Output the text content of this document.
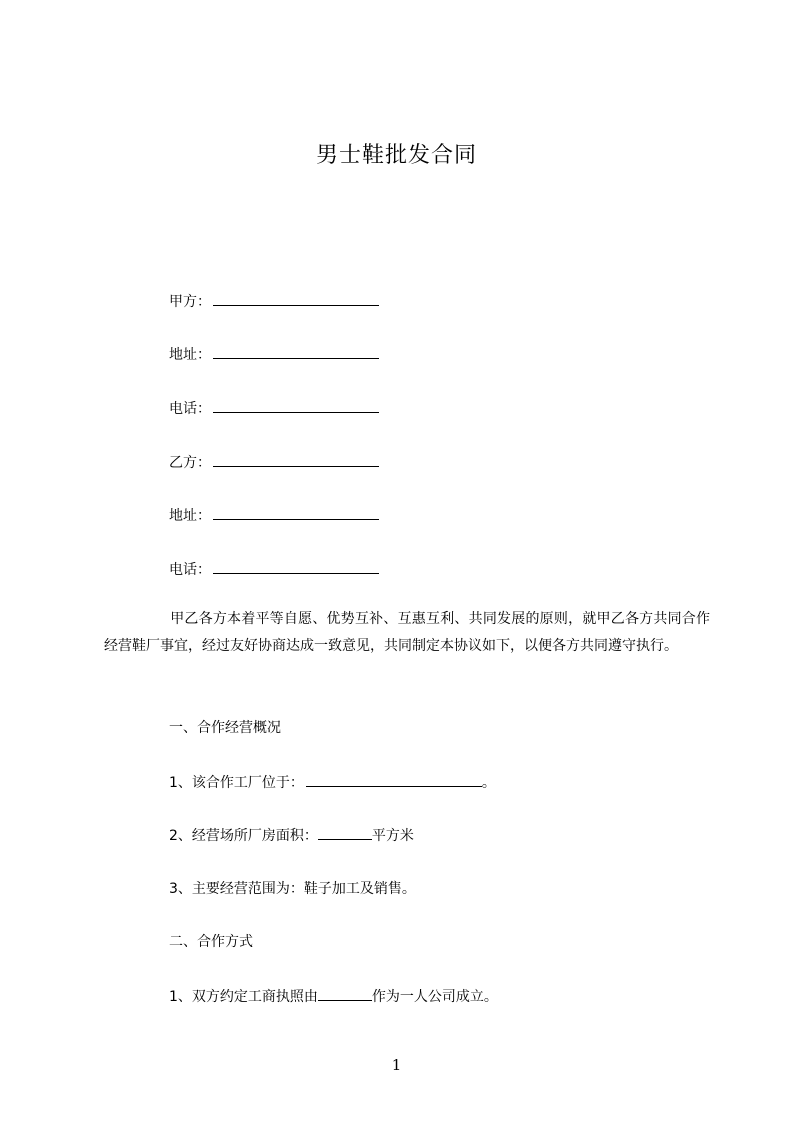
男士鞋批发合同
甲方：
地址：
电话：
乙方：
地址：
电话：

甲乙各方本着平等自愿、优势互补、互惠互利、共同发展的原则，就甲乙各方共同合作经营鞋厂事宜，经过友好协商达成一致意见，共同制定本协议如下，以便各方共同遵守执行。

一、合作经营概况
1、该合作工厂位于：	。
2、经营场所厂房面积：	平方米
3、主要经营范围为：鞋子加工及销售。
二、合作方式
1、双方约定工商执照由	作为一人公司成立。
1
